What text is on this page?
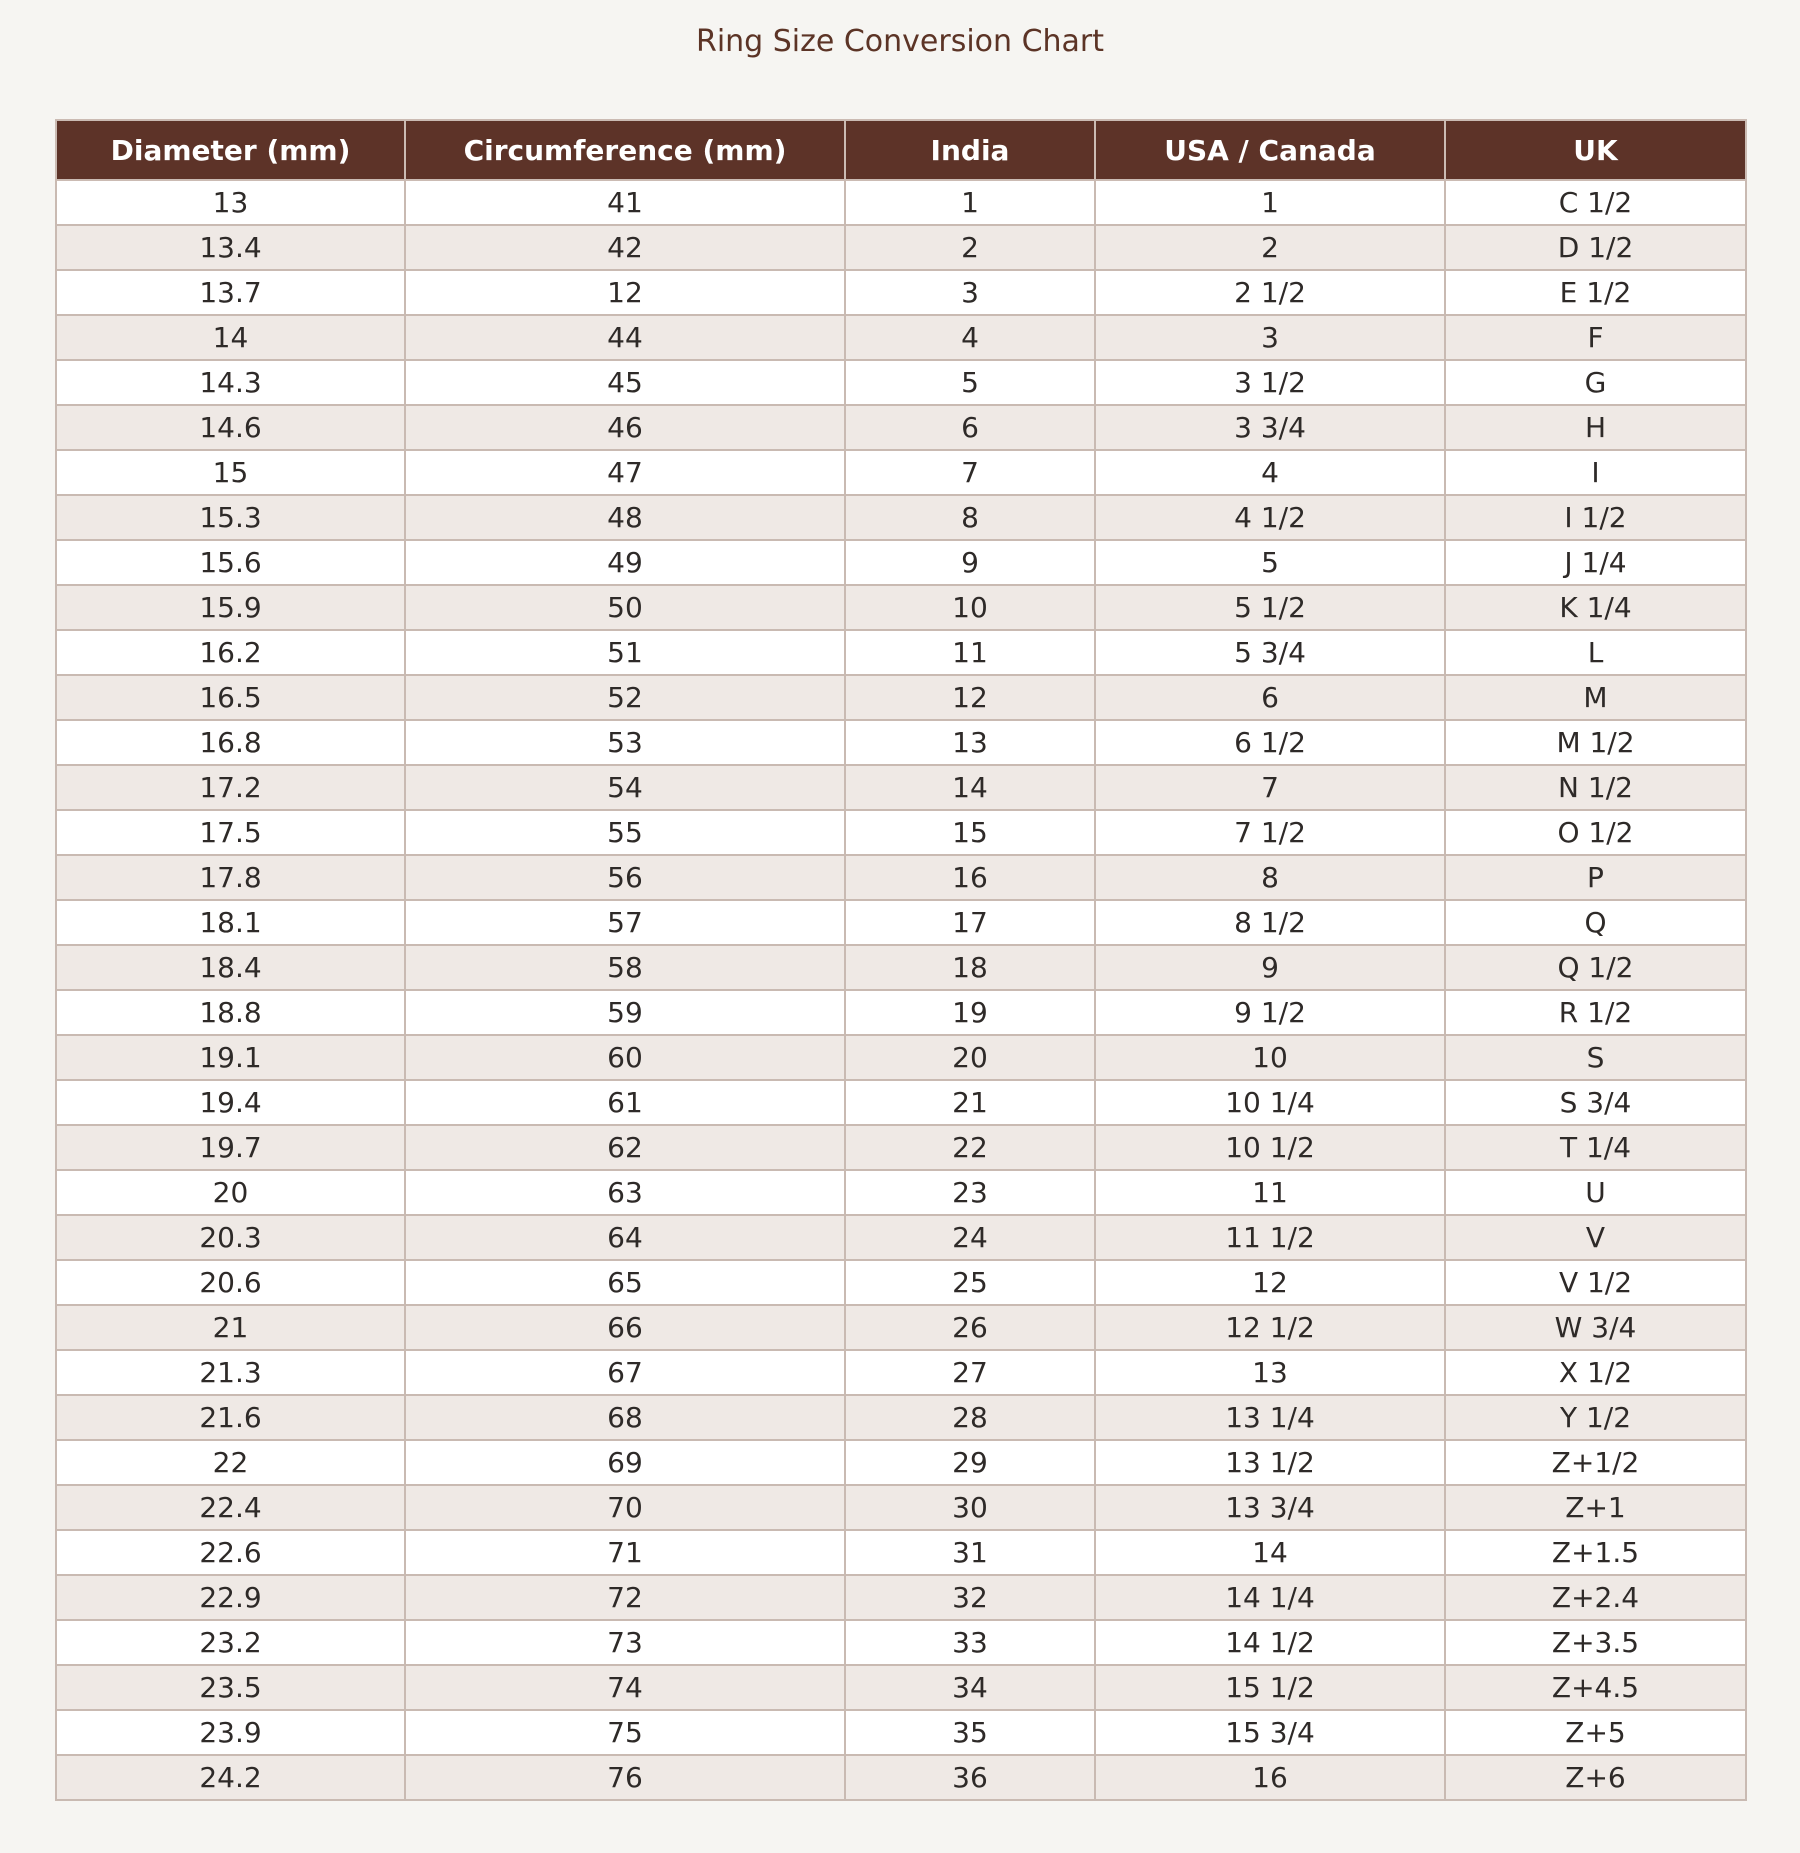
Ring Size Conversion Chart
Diameter (mm)	Circumference (mm)	India	USA / Canada	UK
13	41	1	1	C 1/2
13.4	42	2	2	D 1/2
13.7	12	3	2 1/2	E 1/2
14	44	4	3	F
14.3	45	5	3 1/2	G
14.6	46	6	3 3/4	H
15	47	7	4	I
15.3	48	8	4 1/2	I 1/2
15.6	49	9	5	J 1/4
15.9	50	10	5 1/2	K 1/4
16.2	51	11	5 3/4	L
16.5	52	12	6	M
16.8	53	13	6 1/2	M 1/2
17.2	54	14	7	N 1/2
17.5	55	15	7 1/2	O 1/2
17.8	56	16	8	P
18.1	57	17	8 1/2	Q
18.4	58	18	9	Q 1/2
18.8	59	19	9 1/2	R 1/2
19.1	60	20	10	S
19.4	61	21	10 1/4	S 3/4
19.7	62	22	10 1/2	T 1/4
20	63	23	11	U
20.3	64	24	11 1/2	V
20.6	65	25	12	V 1/2
21	66	26	12 1/2	W 3/4
21.3	67	27	13	X 1/2
21.6	68	28	13 1/4	Y 1/2
22	69	29	13 1/2	Z+1/2
22.4	70	30	13 3/4	Z+1
22.6	71	31	14	Z+1.5
22.9	72	32	14 1/4	Z+2.4
23.2	73	33	14 1/2	Z+3.5
23.5	74	34	15 1/2	Z+4.5
23.9	75	35	15 3/4	Z+5
24.2	76	36	16	Z+6
